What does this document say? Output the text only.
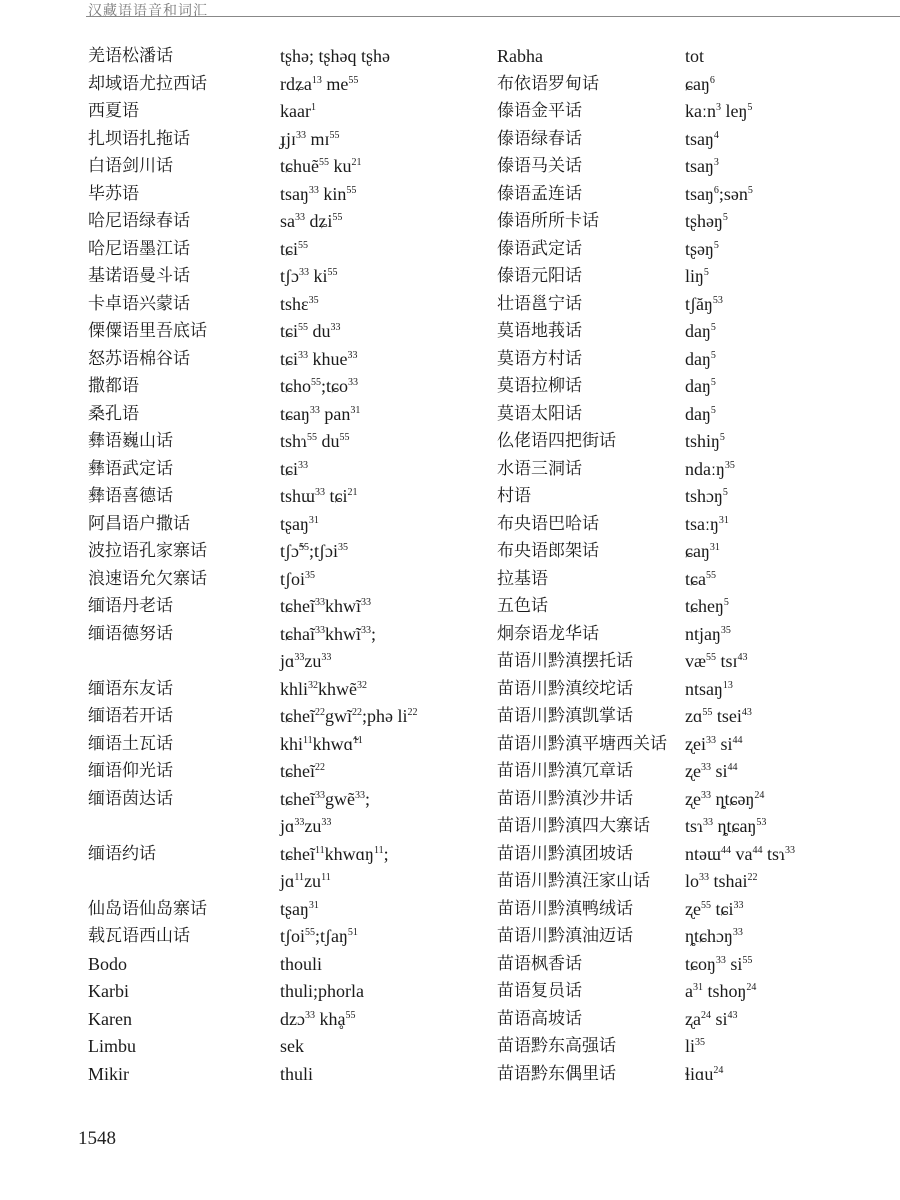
汉藏语语音和词汇
羌语松潘话	tʂhə; tʂhəq tʂhə
却域语尤拉西话	rdʑa$^{13}$ $me^{55}$
西夏语	kaar$^1$
扎坝语扎拖话	ɟjɪ$^{33}$ mɪ$^{55}$
白语剑川话	tɕhuẽ$^{55}$ $ku^{21}$
毕苏语	tsaŋ$^{33}$ kin$^{55}$
哈尼语绿春话	$sa^{33}$ dʑi$^{55}$
哈尼语墨江话	tɕi$^{55}$
基诺语曼斗话	tʃɔ$^{33}$ $ki^{55}$
卡卓语兴蒙话	tshɛ$^{35}$
傈僳语里吾底话	tɕi$^{55}$ $du^{33}$
怒苏语棉谷话	tɕi$^{33}$ khue$^{33}$
撒都语	tɕho$^{55}$;tɕo$^{33}$
桑孔语	tɕaŋ$^{33}$ pan$^{31}$
彝语巍山话	tshɿ$^{55}$ $du^{55}$
彝语武定话	tɕi$^{33}$
彝语喜德话	tshɯ$^{33}$ tɕi$^{21}$
阿昌语户撒话	tʂaŋ$^{31}$
波拉语孔家寨话	tʃɔ̃$^{55}$;tʃɔi$^{35}$
浪速语允欠寨话	tʃoi$^{35}$
缅语丹老话	tɕheĩ$^{33}$khwĩ$^{33}$
缅语德努话	tɕhaĩ$^{33}$khwĩ$^{33}$;
$jɑ^{33}zu^{33}$
缅语东友话	khli$^{32}$khwẽ$^{32}$
缅语若开话	tɕheĩ$^{22}$gwĩ$^{22}$;phə $li^{22}$
缅语土瓦话	khi$^{11}$khwɑ̃$^{11}$
缅语仰光话	tɕheĩ$^{22}$
缅语茵达话	tɕheĩ$^{33}$gwẽ$^{33}$;
$jɑ^{33}zu^{33}$
缅语约话	tɕheĩ$^{11}$khwɑŋ$^{11}$;
$jɑ^{11}zu^{11}$
仙岛语仙岛寨话	tʂaŋ$^{31}$
载瓦语西山话	tʃoi$^{55}$;tʃaŋ$^{51}$
Bodo	thouli
Karbi	thuli;phorla
Karen	dzɔ$^{33}$ khḁ$^{55}$
Limbu	sek
Mikir	thuli
Rabha	tot
布依语罗甸话	ɕaŋ$^6$
傣语金平话	kaːn$^3$ leŋ$^5$
傣语绿春话	tsaŋ$^4$
傣语马关话	tsaŋ$^3$
傣语孟连话	tsaŋ$^6$;sən$^5$
傣语所所卡话	tʂhəŋ$^5$
傣语武定话	tʂəŋ$^5$
傣语元阳话	liŋ$^5$
壮语邕宁话	tʃăŋ$^{53}$
莫语地莪话	daŋ$^5$
莫语方村话	daŋ$^5$
莫语拉柳话	daŋ$^5$
莫语太阳话	daŋ$^5$
仫佬语四把街话	tshiŋ$^5$
水语三洞话	ndaːŋ$^{35}$
村语	tshɔŋ$^5$
布央语巴哈话	tsaːŋ$^{31}$
布央语郎架话	ɕaŋ$^{31}$
拉基语	tɕa$^{55}$
五色话	tɕheŋ$^5$
炯奈语龙华话	ntjaŋ$^{35}$
苗语川黔滇摆托话	$væ^{55}$ tsɪ$^{43}$
苗语川黔滇绞坨话	ntsaŋ$^{13}$
苗语川黔滇凯掌话	zɑ$^{55}$ tsei$^{43}$
苗语川黔滇平塘西关话 ʐei$^{33}$ $si^{44}$
苗语川黔滇冗章话	ʐe$^{33}$ $si^{44}$
苗语川黔滇沙井话	ʐe$^{33}$ ȵtɕəŋ$^{24}$
苗语川黔滇四大寨话 tsɿ$^{33}$ ȵtɕaŋ$^{53}$
苗语川黔滇团坡话	ntəɯ$^{44}$ $va^{44}$ tsɿ$^{33}$
苗语川黔滇汪家山话 $lo^{33}$ tshai$^{22}$
苗语川黔滇鸭绒话	ʐe$^{55}$ tɕi$^{33}$
苗语川黔滇油迈话	ȵtɕhɔŋ$^{33}$
苗语枫香话	tɕoŋ$^{33}$ $si^{55}$
苗语复员话	$a^{31}$ tshoŋ$^{24}$
苗语高坡话	ʐa$^{24}$ $si^{43}$
苗语黔东高强话	$li^{35}$
苗语黔东偶里话	ɬiɑu$^{24}$
1548
